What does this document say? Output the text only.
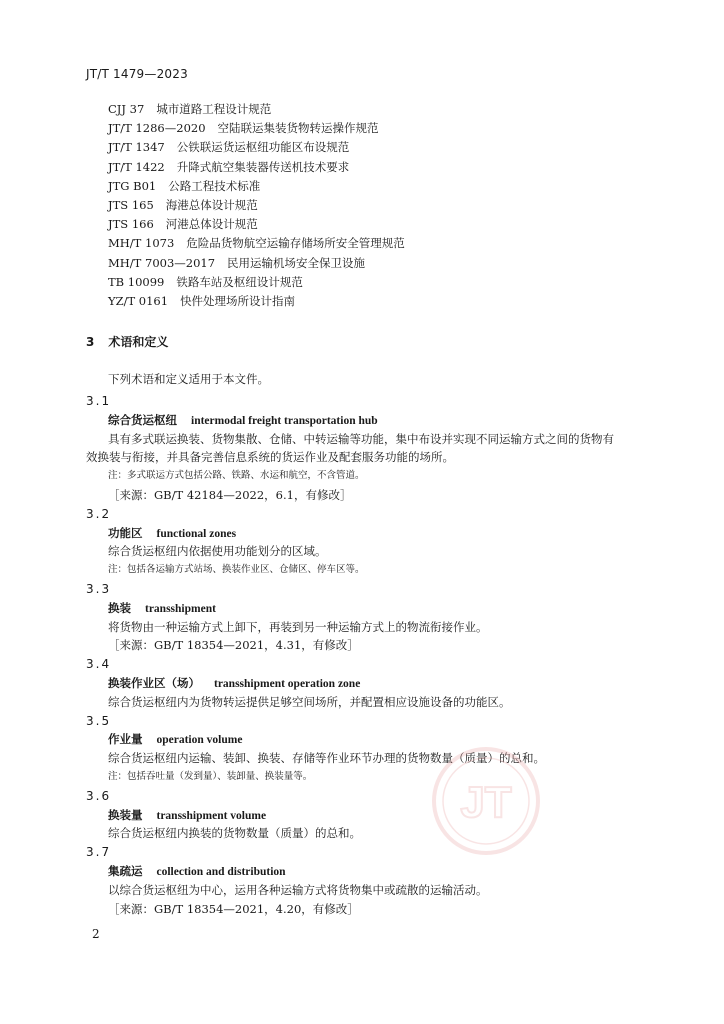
JT/T 1479—2023
CJJ 37 城市道路工程设计规范
JT/T 1286—2020 空陆联运集装货物转运操作规范
JT/T 1347 公铁联运货运枢纽功能区布设规范
JT/T 1422 升降式航空集装器传送机技术要求
JTG B01 公路工程技术标准
JTS 165 海港总体设计规范
JTS 166 河港总体设计规范
MH/T 1073 危险品货物航空运输存储场所安全管理规范
MH/T 7003—2017 民用运输机场安全保卫设施
TB 10099 铁路车站及枢纽设计规范
YZ/T 0161 快件处理场所设计指南
3 术语和定义
下列术语和定义适用于本文件。
3.1
综合货运枢纽 intermodal freight transportation hub
具有多式联运换装、货物集散、仓储、中转运输等功能，集中布设并实现不同运输方式之间的货物有
效换装与衔接，并具备完善信息系统的货运作业及配套服务功能的场所。
注：多式联运方式包括公路、铁路、水运和航空，不含管道。
［来源：GB/T 42184—2022，6.1，有修改］
3.2
功能区 functional zones
综合货运枢纽内依据使用功能划分的区域。
注：包括各运输方式站场、换装作业区、仓储区、停车区等。
3.3
换装 transshipment
将货物由一种运输方式上卸下，再装到另一种运输方式上的物流衔接作业。
［来源：GB/T 18354—2021，4.31，有修改］
3.4
换装作业区（场） transshipment operation zone
综合货运枢纽内为货物转运提供足够空间场所，并配置相应设施设备的功能区。
3.5
作业量 operation volume
综合货运枢纽内运输、装卸、换装、存储等作业环节办理的货物数量（质量）的总和。
注：包括吞吐量（发到量）、装卸量、换装量等。
3.6
换装量 transshipment volume
综合货运枢纽内换装的货物数量（质量）的总和。
3.7
集疏运 collection and distribution
以综合货运枢纽为中心，运用各种运输方式将货物集中或疏散的运输活动。
［来源：GB/T 18354—2021，4.20，有修改］
JT
2
